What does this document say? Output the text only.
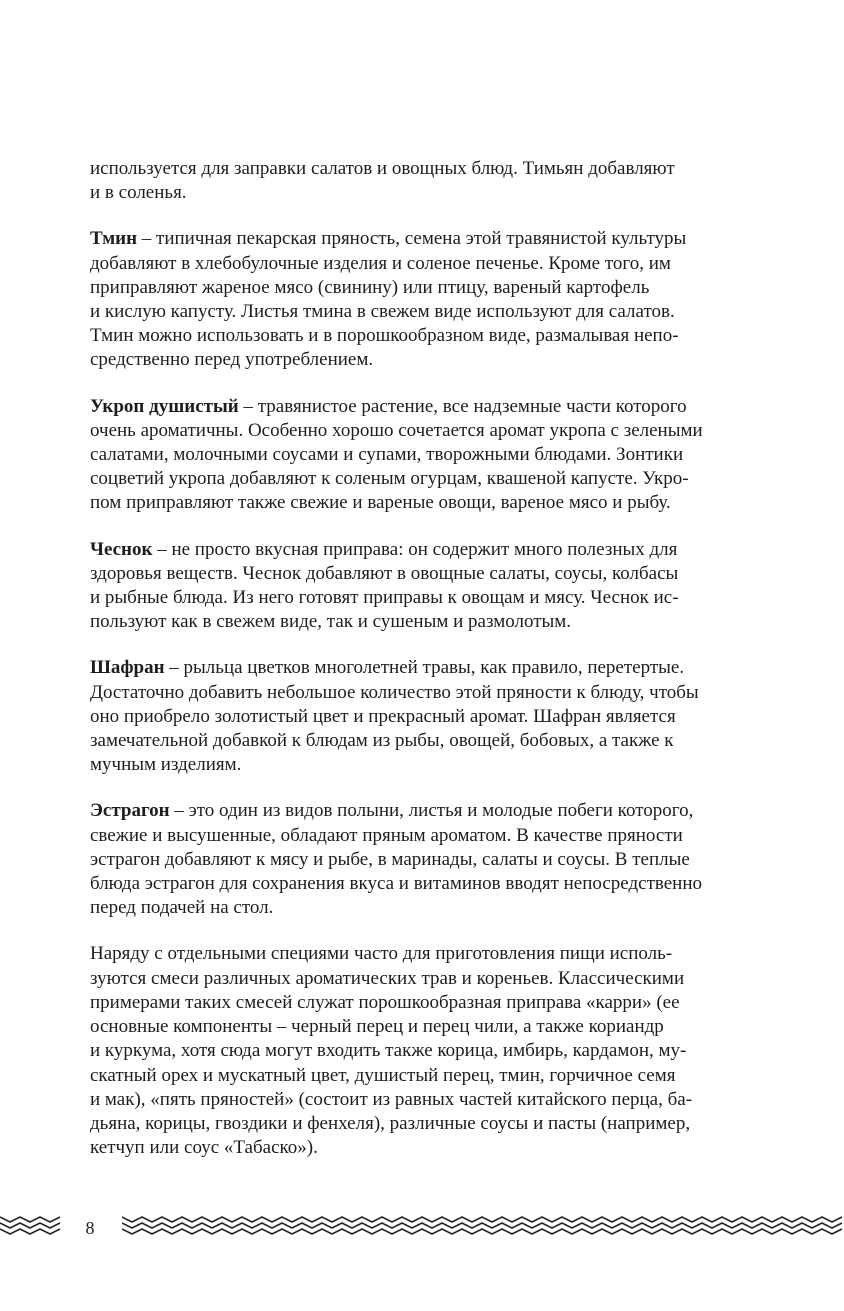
используется для заправки салатов и овощных блюд. Тимьян добавляют
и в соленья.

Тмин – типичная пекарская пряность, семена этой травянистой культуры
добавляют в хлебобулочные изделия и соленое печенье. Кроме того, им
приправляют жареное мясо (свинину) или птицу, вареный картофель
и кислую капусту. Листья тмина в свежем виде используют для салатов.
Тмин можно использовать и в порошкообразном виде, размалывая непо-
средственно перед употреблением.

Укроп душистый – травянистое растение, все надземные части которого
очень ароматичны. Особенно хорошо сочетается аромат укропа с зелеными
салатами, молочными соусами и супами, творожными блюдами. Зонтики
соцветий укропа добавляют к соленым огурцам, квашеной капусте. Укро-
пом приправляют также свежие и вареные овощи, вареное мясо и рыбу.

Чеснок – не просто вкусная приправа: он содержит много полезных для
здоровья веществ. Чеснок добавляют в овощные салаты, соусы, колбасы
и рыбные блюда. Из него готовят приправы к овощам и мясу. Чеснок ис-
пользуют как в свежем виде, так и сушеным и размолотым.

Шафран – рыльца цветков многолетней травы, как правило, перетертые.
Достаточно добавить небольшое количество этой пряности к блюду, чтобы
оно приобрело золотистый цвет и прекрасный аромат. Шафран является
замечательной добавкой к блюдам из рыбы, овощей, бобовых, а также к
мучным изделиям.

Эстрагон – это один из видов полыни, листья и молодые побеги которого,
свежие и высушенные, обладают пряным ароматом. В качестве пряности
эстрагон добавляют к мясу и рыбе, в маринады, салаты и соусы. В теплые
блюда эстрагон для сохранения вкуса и витаминов вводят непосредственно
перед подачей на стол.

Наряду с отдельными специями часто для приготовления пищи исполь-
зуются смеси различных ароматических трав и кореньев. Классическими
примерами таких смесей служат порошкообразная приправа «карри» (ее
основные компоненты – черный перец и перец чили, а также кориандр
и куркума, хотя сюда могут входить также корица, имбирь, кардамон, му-
скатный орех и мускатный цвет, душистый перец, тмин, горчичное семя
и мак), «пять пряностей» (состоит из равных частей китайского перца, ба-
дьяна, корицы, гвоздики и фенхеля), различные соусы и пасты (например,
кетчуп или соус «Табаско»).

8
